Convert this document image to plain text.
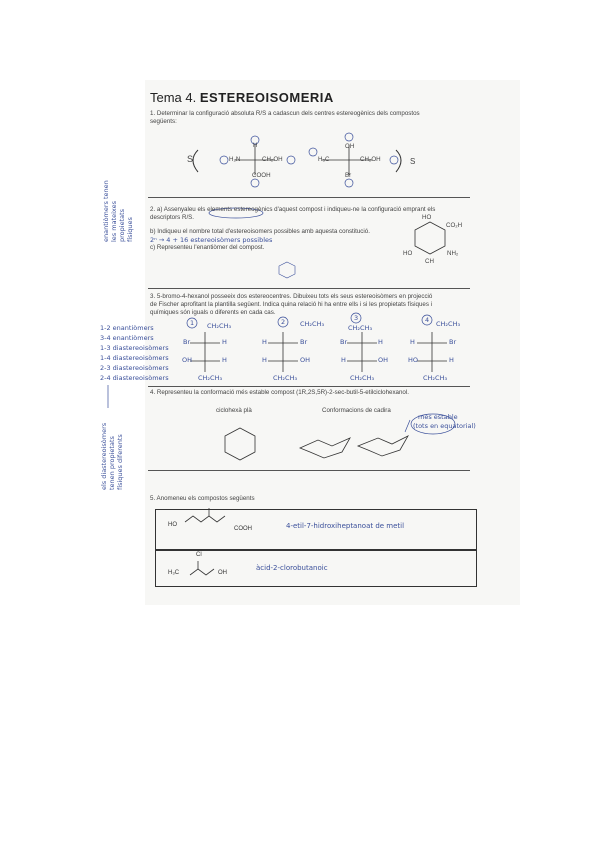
Tema 4. ESTEREOISOMERIA
1. Determinar la configuració absoluta R/S a cadascun dels centres estereogènics dels compostos
següents:
S
H
H₂N	CH₂OH
COOH
OH
H₃C	CH₂OH
Br
S
2. a) Assenyaleu els elements estereogènics d'aquest compost i indiqueu-ne la configuració emprant els
descriptors R/S.
b) Indiqueu el nombre total d'estereoisomers possibles amb aquesta constitució.
2ⁿ → 4 + 16 estereoisòmers possibles
c) Representeu l'enantiòmer del compost.
HO
CO₂H
NH₂
HO
CH
3. 5-bromo-4-hexanol posseeix dos estereocentres. Dibuixeu tots els seus estereoisòmers en projecció
de Fischer aprofitant la plantilla següent. Indica quina relació hi ha entre ells i si les propietats físiques i
químiques són iguals o diferents en cada cas.
1 CH₂CH₃
Br	H
OH	H
CH₂CH₃
2 CH₂CH₃
H	Br
H	OH
CH₂CH₃
3
CH₂CH₃
Br	H
H	OH
CH₂CH₃
4 CH₂CH₃
H	Br
HO	H
CH₂CH₃
4. Representeu la conformació més estable compost (1R,2S,5R)-2-sec-butil-5-etilciclohexanol.
ciclohexà plà	Conformacions de cadira
més estable
(tots en equatorial)
5. Anomeneu els compostos següents
HO
COOH	4-etil-7-hidroxiheptanoat de metil
Cl
H₃C	OH
àcid-2-clorobutanoic
enantiòmers tenen les mateixes propietats físiques
1-2 enantiòmers
3-4 enantiòmers
1-3 diastereoisòmers
1-4 diastereoisòmers
2-3 diastereoisòmers
2-4 diastereoisòmers
els diastereoisòmers tenen propietats físiques diferents
